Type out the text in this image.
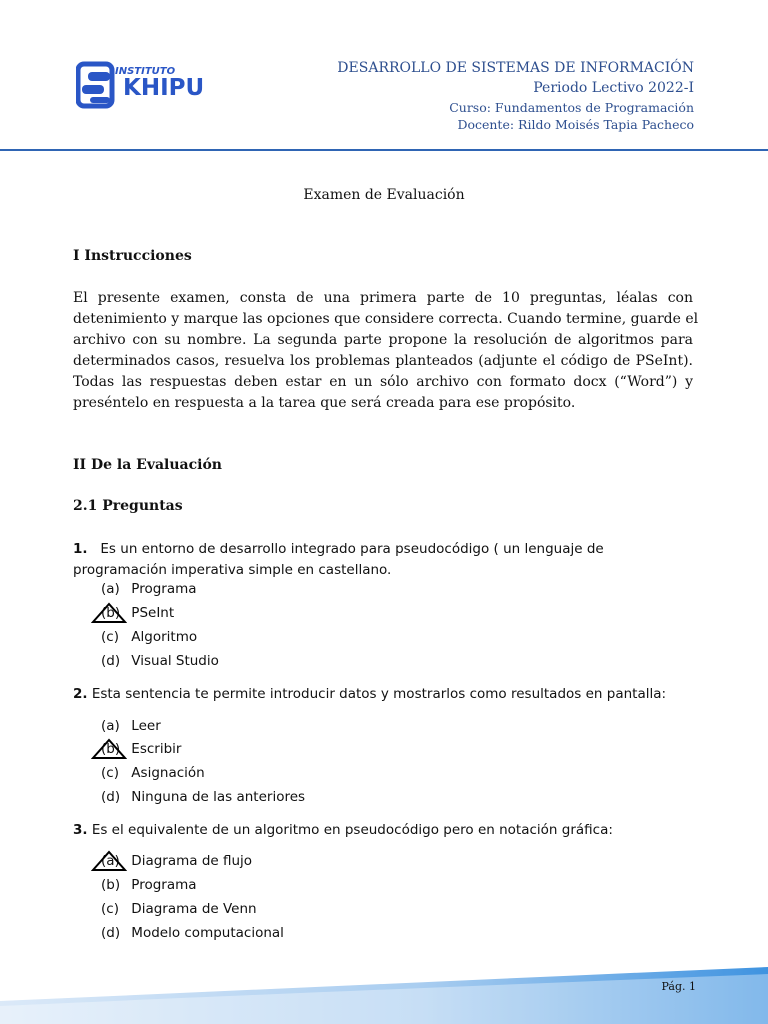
INSTITUTO
KHIPU
DESARROLLO DE SISTEMAS DE INFORMACIÓN
Periodo Lectivo 2022-I
Curso: Fundamentos de Programación
Docente: Rildo Moisés Tapia Pacheco
Examen de Evaluación
I Instrucciones
El presente examen, consta de una primera parte de 10 preguntas, léalas con
detenimiento y marque las opciones que considere correcta. Cuando termine, guarde el
archivo con su nombre. La segunda parte propone la resolución de algoritmos para
determinados casos, resuelva los problemas planteados (adjunte el código de PSeInt).
Todas las respuestas deben estar en un sólo archivo con formato docx (“Word”) y
preséntelo en respuesta a la tarea que será creada para ese propósito.
II De la Evaluación
2.1 Preguntas
1. Es un entorno de desarrollo integrado para pseudocódigo ( un lenguaje de
programación imperativa simple en castellano.
(a) Programa
(b) PSeInt
(c) Algoritmo
(d) Visual Studio
2. Esta sentencia te permite introducir datos y mostrarlos como resultados en pantalla:
(a) Leer
(b) Escribir
(c) Asignación
(d) Ninguna de las anteriores
3. Es el equivalente de un algoritmo en pseudocódigo pero en notación gráfica:
(a) Diagrama de flujo
(b) Programa
(c) Diagrama de Venn
(d) Modelo computacional
Pág. 1
